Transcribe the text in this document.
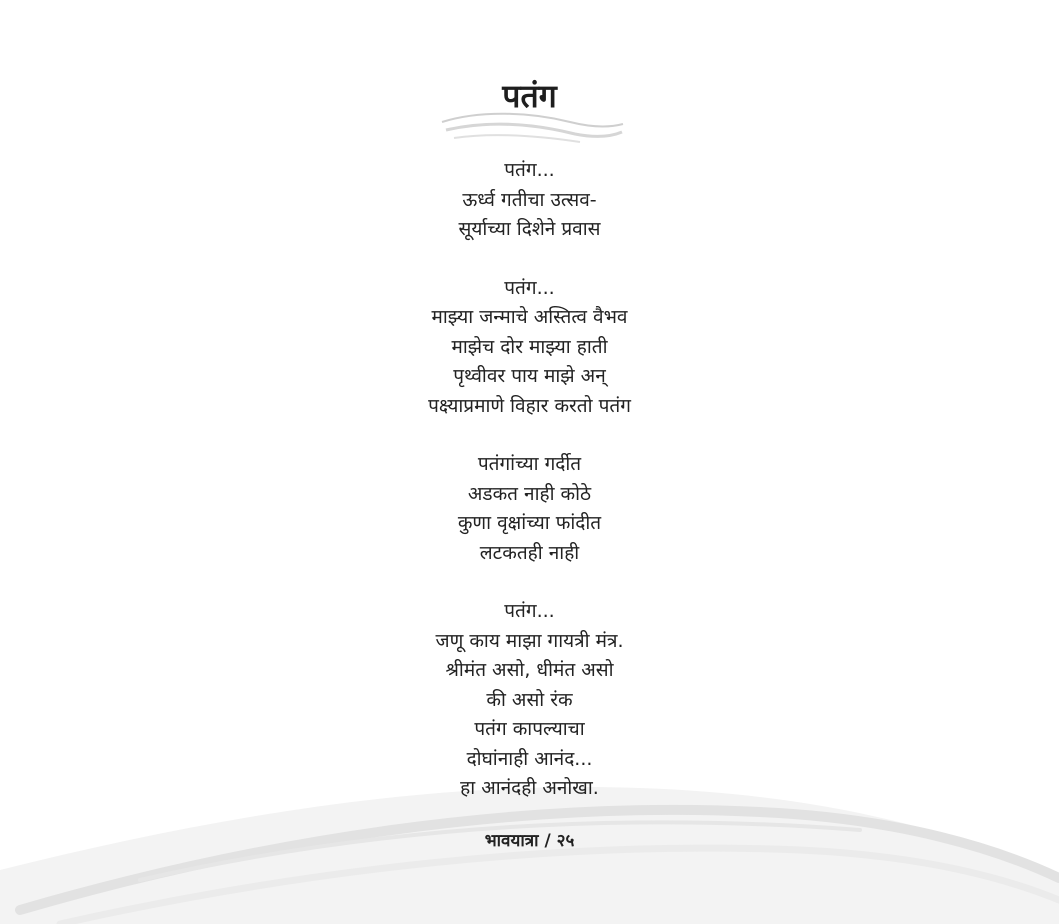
पतंग
पतंग...
ऊर्ध्व गतीचा उत्सव-
सूर्याच्या दिशेने प्रवास
पतंग...
माझ्या जन्माचे अस्तित्व वैभव
माझेच दोर माझ्या हाती
पृथ्वीवर पाय माझे अन्
पक्ष्याप्रमाणे विहार करतो पतंग
पतंगांच्या गर्दीत
अडकत नाही कोठे
कुणा वृक्षांच्या फांदीत
लटकतही नाही
पतंग...
जणू काय माझा गायत्री मंत्र.
श्रीमंत असो, धीमंत असो
की असो रंक
पतंग कापल्याचा
दोघांनाही आनंद...
हा आनंदही अनोखा.
भावयात्रा / २५
